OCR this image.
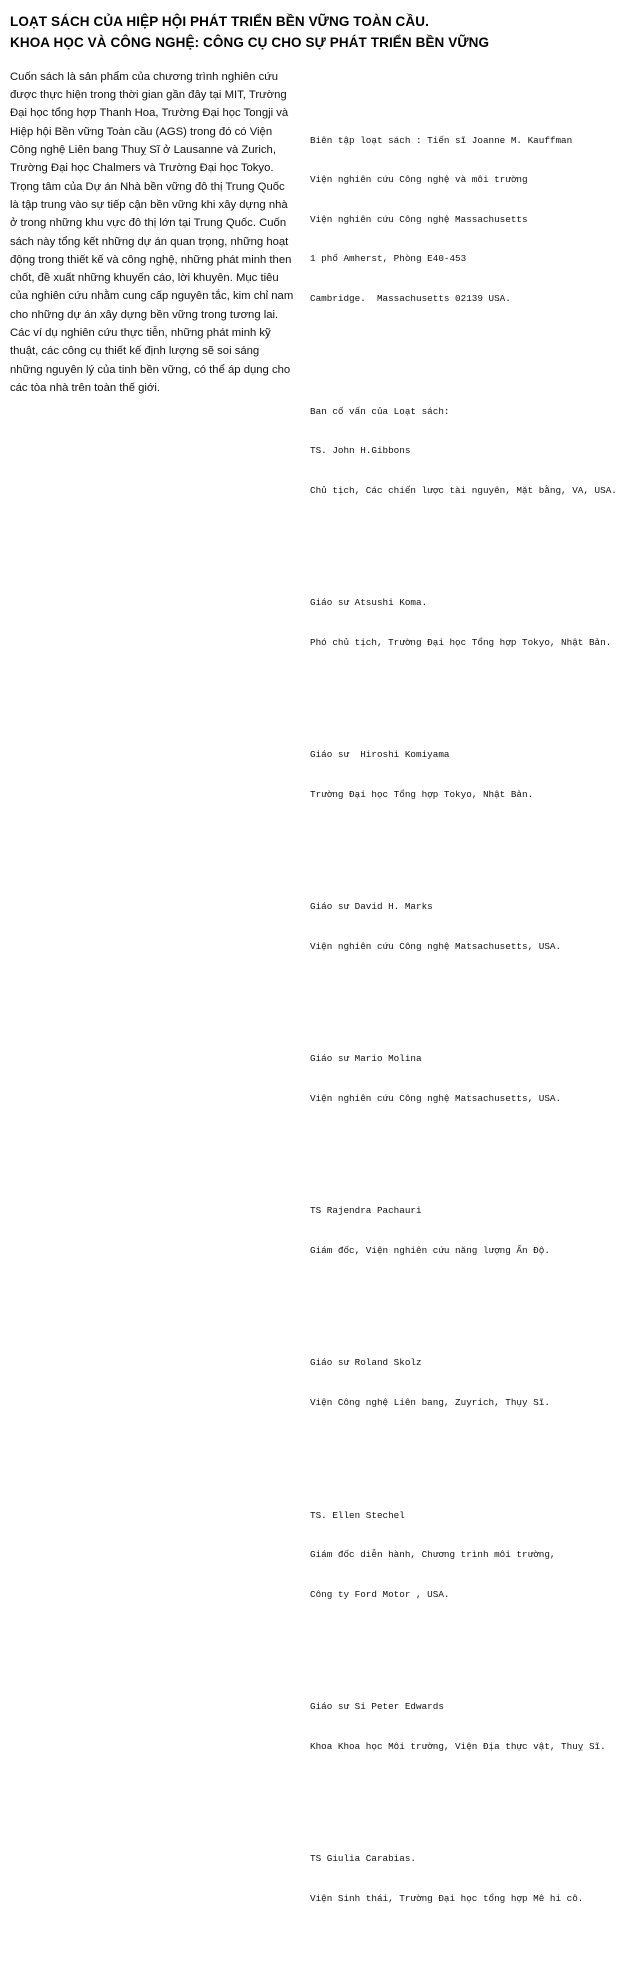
LOẠT SÁCH CỦA HIỆP HỘI PHÁT TRIỂN BỀN VỮNG TOÀN CẦU.
KHOA HỌC VÀ CÔNG NGHỆ: CÔNG CỤ CHO SỰ PHÁT TRIỂN BỀN VỮNG
Cuốn sách là sản phẩm của chương trình nghiên cứu được thực hiện trong thời gian gần đây tại MIT, Trường Đại học tổng hợp Thanh Hoa, Trường Đại học Tongji và Hiệp hội Bền vững Toàn cầu (AGS) trong đó có Viện Công nghệ Liên bang Thuỵ Sĩ ở Lausanne và Zurich, Trường Đại học Chalmers và Trường Đại học Tokyo. Trọng tâm của Dự án Nhà bền vững đô thị Trung Quốc là tập trung vào sự tiếp cận bền vững khi xây dựng nhà ở trong những khu vực đô thị lớn tại Trung Quốc. Cuốn sách này tổng kết những dự án quan trọng, những hoạt động trong thiết kế và công nghệ, những phát minh then chốt, đề xuất những khuyến cáo, lời khuyên. Mục tiêu của nghiên cứu nhằm cung cấp nguyên tắc, kim chỉ nam cho những dự án xây dựng bền vững trong tương lai. Các ví dụ nghiên cứu thực tiễn, những phát minh kỹ thuật, các công cụ thiết kế định lượng sẽ soi sáng những nguyên lý của tinh bền vững, có thể áp dụng cho các tòa nhà trên toàn thế giới.

Biên tập loạt sách : Tiến sĩ Joanne M. Kauffman

Viện nghiên cứu Công nghệ và môi trường

Viện nghiên cứu Công nghệ Massachusetts

1 phố Amherst, Phòng E40-453

Cambridge.  Massachusetts 02139 USA.

Ban cố vấn của Loạt sách:

TS. John H.Gibbons

Chủ tịch, Các chiến lược tài nguyên, Mặt bằng, VA, USA.

Giáo sư Atsushi Koma.

Phó chủ tịch, Trường Đại học Tổng hợp Tokyo, Nhật Bản.

Giáo sư  Hiroshi Komiyama

Trường Đại học Tổng hợp Tokyo, Nhật Bản.

Giáo sư David H. Marks

Viện nghiên cứu Công nghệ Matsachusetts, USA.

Giáo sư Mario Molina

Viện nghiên cứu Công nghệ Matsachusetts, USA.

TS Rajendra Pachauri

Giám đốc, Viện nghiên cứu năng lượng Ấn Độ.

Giáo sư Roland Skolz

Viện Công nghệ Liên bang, Zuyrich, Thụy Sĩ.

TS. Ellen Stechel

Giám đốc diễn hành, Chương trình môi trường,

Công ty Ford Motor , USA.

Giáo sư Si Peter Edwards

Khoa Khoa học Môi trường, Viện Địa thực vật, Thuỵ Sĩ.

TS Giulia Carabias.

Viện Sinh thái, Trường Đại học tổng hợp Mê hi cô.
